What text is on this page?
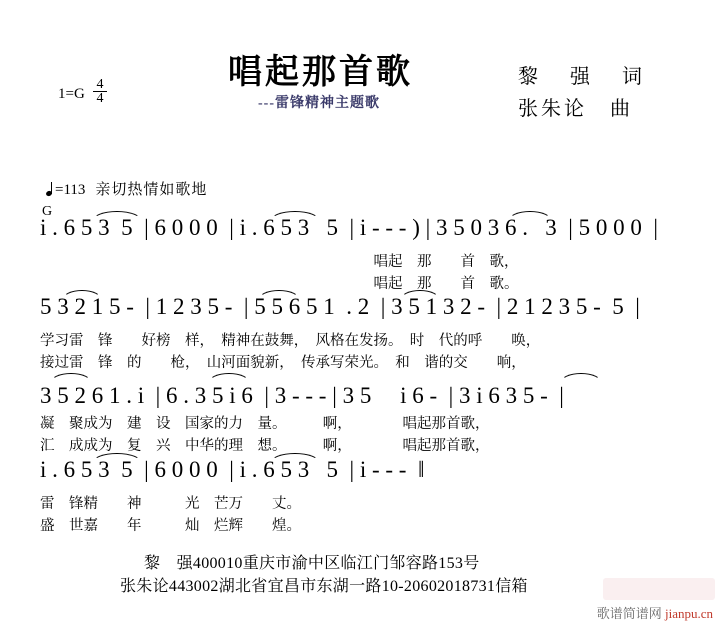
唱起那首歌
---雷锋精神主题歌
黎　强　词
张朱论　曲
$1=G \frac{4}{4}$
=113 亲切热情如歌地
G
i . 6 5 3  5  | 6 0 0 0  | i . 6 5 3   5  | i - - - ) | 3 5 0 3 6 .   3  | 5 0 0 0  |
　　　　　　　　　　　　　　　　　　　　　　　唱起　那　　首　歌，
　　　　　　　　　　　　　　　　　　　　　　　唱起　那　　首　歌。
5 3 2 1 5 -  | 1 2 3 5 -  | 5 5 6 5 1  . 2  | 3 5 1 3 2 -  | 2 1 2 3 5 -  5  |
学习雷　锋　　好榜　样，　精神在鼓舞，　风格在发扬。　时　代的呼　　唤，
接过雷　锋　的　　枪，　山河面貌新，　传承写荣光。　和　谐的交　　响，
3 5 2 6 1 . i  | 6 . 3 5 i 6  | 3 - - - | 3 5　 i 6 -  | 3 i 6 3 5 -  |
凝　聚成为　建　设　国家的力　量。　　　啊，　　　　唱起那首歌，
汇　成成为　复　兴　中华的理　想。　　　啊，　　　　唱起那首歌，
i . 6 5 3  5  | 6 0 0 0  | i . 6 5 3   5  | i - - -  ‖
雷　锋精　　神　　　光　芒万　　丈。
盛　世嘉　　年　　　灿　烂辉　　煌。
黎　强400010重庆市渝中区临江门邹容路153号
张朱论443002湖北省宜昌市东湖一路10-20602018731信箱
歌谱简谱网 jianpu.cn
